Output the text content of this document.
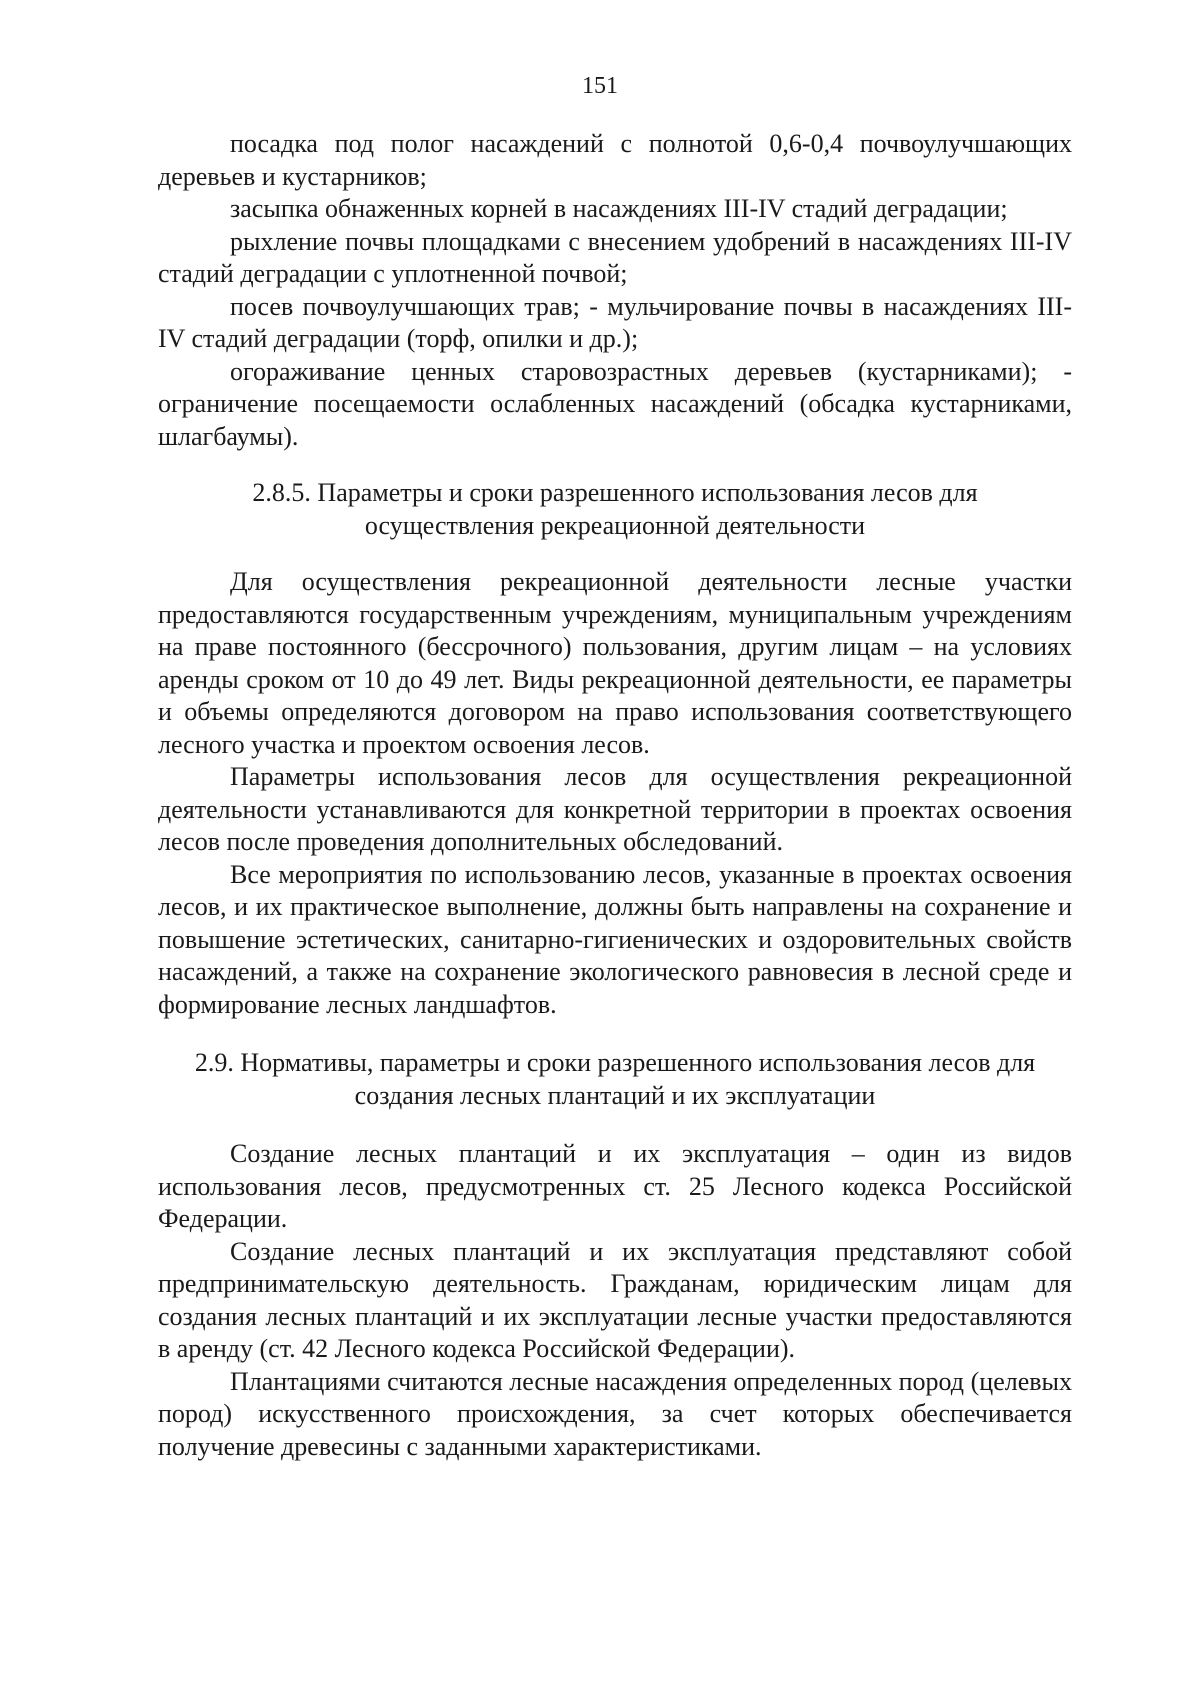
151

посадка под полог насаждений с полнотой 0,6-0,4 почвоулучшающих деревьев и кустарников;

засыпка обнаженных корней в насаждениях III-IV стадий деградации;

рыхление почвы площадками с внесением удобрений в насаждениях III-IV стадий деградации с уплотненной почвой;

посев почвоулучшающих трав; - мульчирование почвы в насаждениях III-IV стадий деградации (торф, опилки и др.);

огораживание ценных старовозрастных деревьев (кустарниками); - ограничение посещаемости ослабленных насаждений (обсадка кустарниками, шлагбаумы).

2.8.5. Параметры и сроки разрешенного использования лесов для
осуществления рекреационной деятельности

Для осуществления рекреационной деятельности лесные участки предоставляются государственным учреждениям, муниципальным учреждениям на праве постоянного (бессрочного) пользования, другим лицам – на условиях аренды сроком от 10 до 49 лет. Виды рекреационной деятельности, ее параметры и объемы определяются договором на право использования соответствующего лесного участка и проектом освоения лесов.

Параметры использования лесов для осуществления рекреационной деятельности устанавливаются для конкретной территории в проектах освоения лесов после проведения дополнительных обследований.

Все мероприятия по использованию лесов, указанные в проектах освоения лесов, и их практическое выполнение, должны быть направлены на сохранение и повышение эстетических, санитарно-гигиенических и оздоровительных свойств насаждений, а также на сохранение экологического равновесия в лесной среде и формирование лесных ландшафтов.

2.9. Нормативы, параметры и сроки разрешенного использования лесов для
создания лесных плантаций и их эксплуатации

Создание лесных плантаций и их эксплуатация – один из видов использования лесов, предусмотренных ст. 25 Лесного кодекса Российской Федерации.

Создание лесных плантаций и их эксплуатация представляют собой предпринимательскую деятельность. Гражданам, юридическим лицам для создания лесных плантаций и их эксплуатации лесные участки предоставляются в аренду (ст. 42 Лесного кодекса Российской Федерации).

Плантациями считаются лесные насаждения определенных пород (целевых пород) искусственного происхождения, за счет которых обеспечивается получение древесины с заданными характеристиками.
